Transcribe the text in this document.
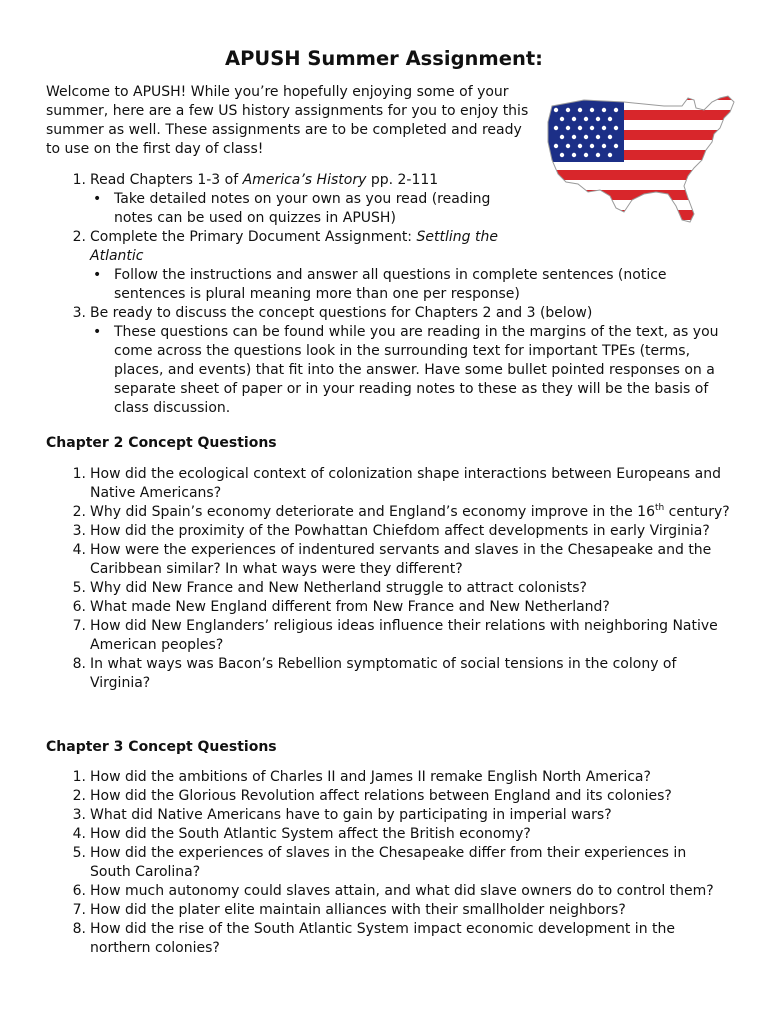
APUSH Summer Assignment:

Welcome to APUSH! While you’re hopefully enjoying some of your summer, here are a few US history assignments for you to enjoy this summer as well. These assignments are to be completed and ready to use on the first day of class!

1. Read Chapters 1-3 of America’s History pp. 2-111
• Take detailed notes on your own as you read (reading notes can be used on quizzes in APUSH)
2. Complete the Primary Document Assignment: Settling the Atlantic
• Follow the instructions and answer all questions in complete sentences (notice sentences is plural meaning more than one per response)
3. Be ready to discuss the concept questions for Chapters 2 and 3 (below)
• These questions can be found while you are reading in the margins of the text, as you come across the questions look in the surrounding text for important TPEs (terms, places, and events) that fit into the answer. Have some bullet pointed responses on a separate sheet of paper or in your reading notes to these as they will be the basis of class discussion.

Chapter 2 Concept Questions

1. How did the ecological context of colonization shape interactions between Europeans and Native Americans?
2. Why did Spain’s economy deteriorate and England’s economy improve in the 16th century?
3. How did the proximity of the Powhattan Chiefdom affect developments in early Virginia?
4. How were the experiences of indentured servants and slaves in the Chesapeake and the Caribbean similar? In what ways were they different?
5. Why did New France and New Netherland struggle to attract colonists?
6. What made New England different from New France and New Netherland?
7. How did New Englanders’ religious ideas influence their relations with neighboring Native American peoples?
8. In what ways was Bacon’s Rebellion symptomatic of social tensions in the colony of Virginia?

Chapter 3 Concept Questions

1. How did the ambitions of Charles II and James II remake English North America?
2. How did the Glorious Revolution affect relations between England and its colonies?
3. What did Native Americans have to gain by participating in imperial wars?
4. How did the South Atlantic System affect the British economy?
5. How did the experiences of slaves in the Chesapeake differ from their experiences in South Carolina?
6. How much autonomy could slaves attain, and what did slave owners do to control them?
7. How did the plater elite maintain alliances with their smallholder neighbors?
8. How did the rise of the South Atlantic System impact economic development in the northern colonies?
